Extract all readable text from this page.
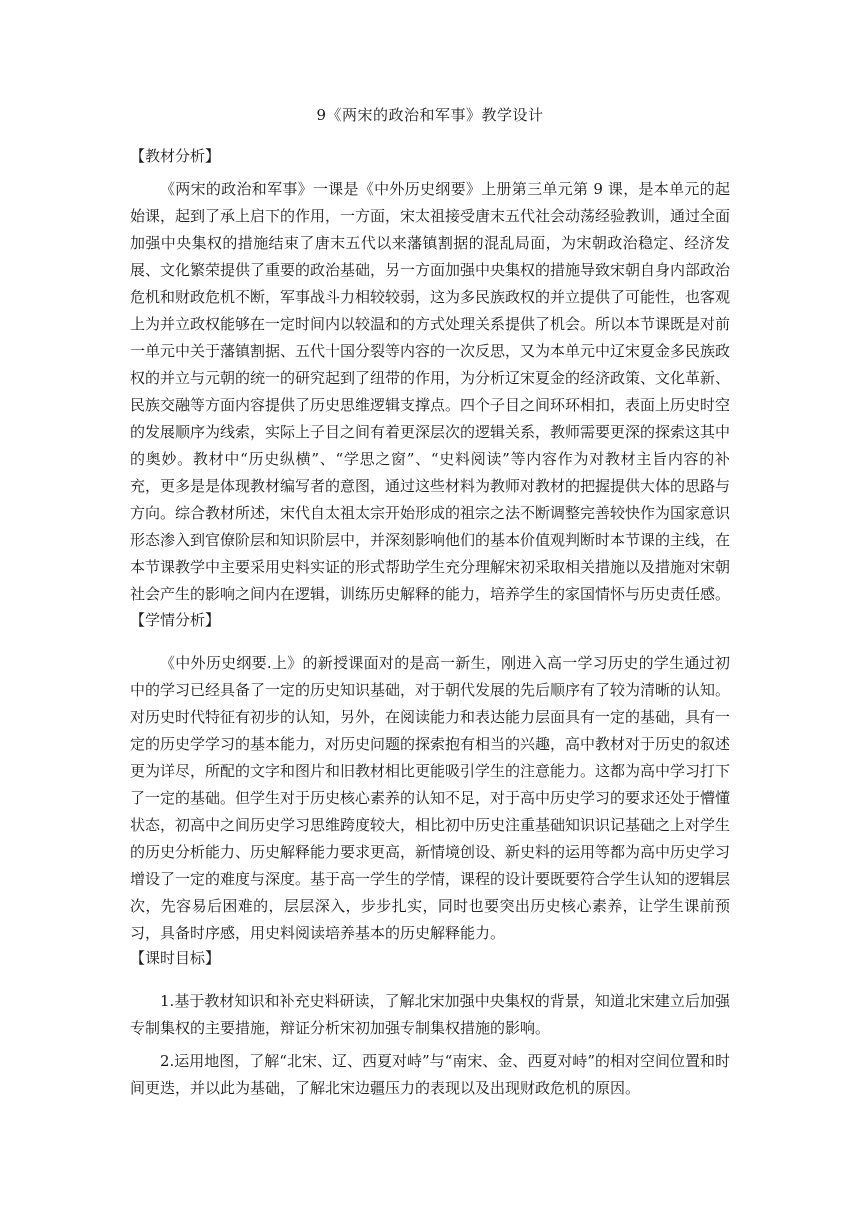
9《两宋的政治和军事》教学设计
【教材分析】

《两宋的政治和军事》一课是《中外历史纲要》上册第三单元第 9 课，是本单元的起始课，起到了承上启下的作用，一方面，宋太祖接受唐末五代社会动荡经验教训，通过全面加强中央集权的措施结束了唐末五代以来藩镇割据的混乱局面，为宋朝政治稳定、经济发展、文化繁荣提供了重要的政治基础，另一方面加强中央集权的措施导致宋朝自身内部政治危机和财政危机不断，军事战斗力相较较弱，这为多民族政权的并立提供了可能性，也客观上为并立政权能够在一定时间内以较温和的方式处理关系提供了机会。所以本节课既是对前一单元中关于藩镇割据、五代十国分裂等内容的一次反思，又为本单元中辽宋夏金多民族政权的并立与元朝的统一的研究起到了纽带的作用，为分析辽宋夏金的经济政策、文化革新、民族交融等方面内容提供了历史思维逻辑支撑点。四个子目之间环环相扣，表面上历史时空的发展顺序为线索，实际上子目之间有着更深层次的逻辑关系，教师需要更深的探索这其中的奥妙。教材中“历史纵横”、“学思之窗”、“史料阅读”等内容作为对教材主旨内容的补充，更多是是体现教材编写者的意图，通过这些材料为教师对教材的把握提供大体的思路与方向。综合教材所述，宋代自太祖太宗开始形成的祖宗之法不断调整完善较快作为国家意识形态渗入到官僚阶层和知识阶层中，并深刻影响他们的基本价值观判断时本节课的主线，在本节课教学中主要采用史料实证的形式帮助学生充分理解宋初采取相关措施以及措施对宋朝社会产生的影响之间内在逻辑，训练历史解释的能力，培养学生的家国情怀与历史责任感。

【学情分析】

《中外历史纲要.上》的新授课面对的是高一新生，刚进入高一学习历史的学生通过初中的学习已经具备了一定的历史知识基础，对于朝代发展的先后顺序有了较为清晰的认知。对历史时代特征有初步的认知，另外，在阅读能力和表达能力层面具有一定的基础，具有一定的历史学学习的基本能力，对历史问题的探索抱有相当的兴趣，高中教材对于历史的叙述更为详尽，所配的文字和图片和旧教材相比更能吸引学生的注意能力。这都为高中学习打下了一定的基础。但学生对于历史核心素养的认知不足，对于高中历史学习的要求还处于懵懂状态，初高中之间历史学习思维跨度较大，相比初中历史注重基础知识识记基础之上对学生的历史分析能力、历史解释能力要求更高，新情境创设、新史料的运用等都为高中历史学习增设了一定的难度与深度。基于高一学生的学情，课程的设计要既要符合学生认知的逻辑层次，先容易后困难的，层层深入，步步扎实，同时也要突出历史核心素养，让学生课前预习，具备时序感，用史料阅读培养基本的历史解释能力。

【课时目标】

1.基于教材知识和补充史料研读，了解北宋加强中央集权的背景，知道北宋建立后加强专制集权的主要措施，辩证分析宋初加强专制集权措施的影响。

2.运用地图，了解“北宋、辽、西夏对峙”与“南宋、金、西夏对峙”的相对空间位置和时间更迭，并以此为基础，了解北宋边疆压力的表现以及出现财政危机的原因。
